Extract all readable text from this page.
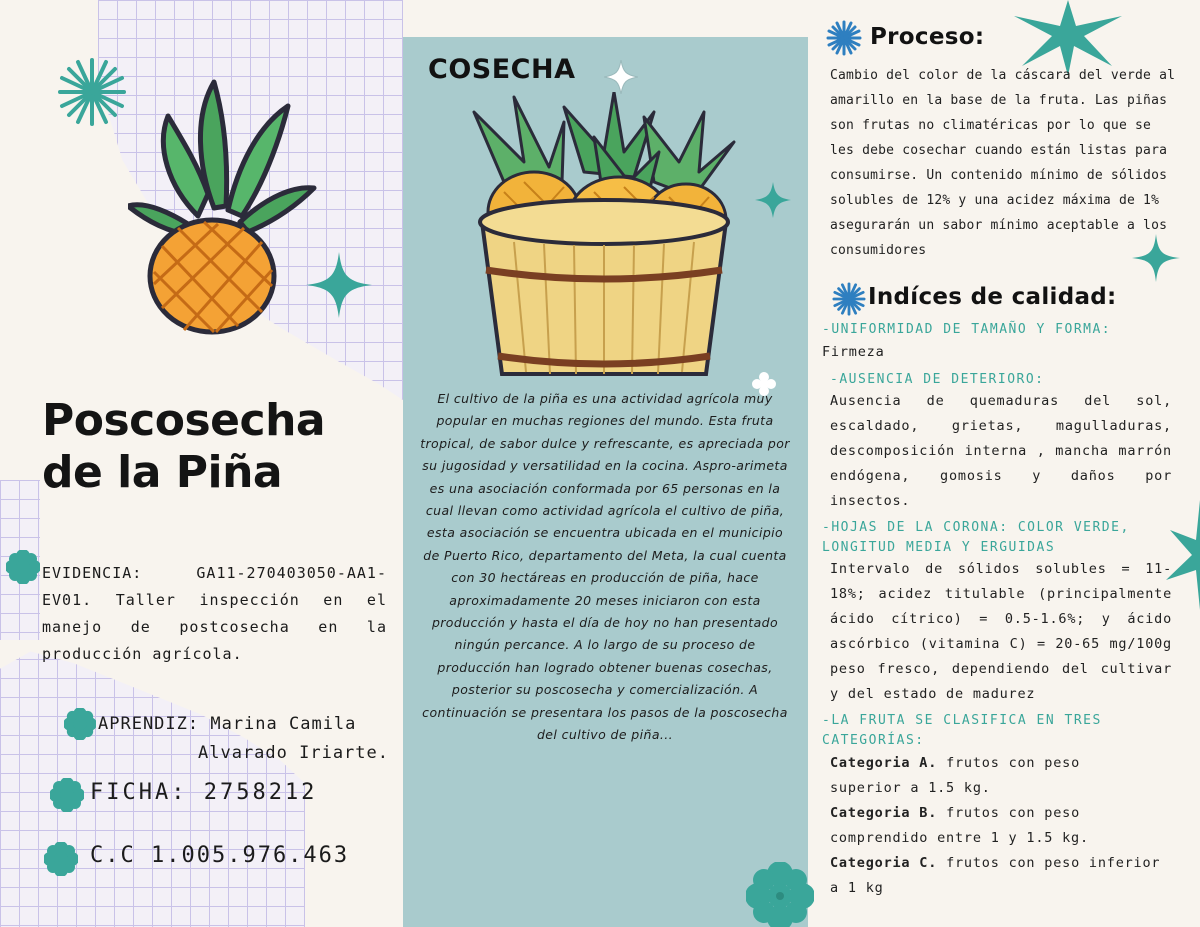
Poscosecha
de la Piña
EVIDENCIA: GA11-270403050-AA1-EV01. Taller inspección en el manejo de postcosecha en la producción agrícola.
APRENDIZ: Marina Camila
Alvarado Iriarte.
FICHA: 2758212
C.C 1.005.976.463
COSECHA
El cultivo de la piña es una actividad agrícola muy popular en muchas regiones del mundo. Esta fruta tropical, de sabor dulce y refrescante, es apreciada por su jugosidad y versatilidad en la cocina. Aspro-arimeta es una asociación conformada por 65 personas en la cual llevan como actividad agrícola el cultivo de piña, esta asociación se encuentra ubicada en el municipio de Puerto Rico, departamento del Meta, la cual cuenta con 30 hectáreas en producción de piña, hace aproximadamente 20 meses iniciaron con esta producción y hasta el día de hoy no han presentado ningún percance. A lo largo de su proceso de producción han logrado obtener buenas cosechas, posterior su poscosecha y comercialización. A continuación se presentara los pasos de la poscosecha del cultivo de piña...
Proceso:
Cambio del color de la cáscara del verde al amarillo en la base de la fruta. Las piñas son frutas no climatéricas por lo que se les debe cosechar cuando están listas para consumirse. Un contenido mínimo de sólidos solubles de 12% y una acidez máxima de 1% asegurarán un sabor mínimo aceptable a los consumidores
Indíces de calidad:
-UNIFORMIDAD DE TAMAÑO Y FORMA:
Firmeza
-AUSENCIA DE DETERIORO:
Ausencia de quemaduras del sol, escaldado, grietas, magulladuras, descomposición interna , mancha marrón endógena, gomosis y daños por insectos.
-HOJAS DE LA CORONA: COLOR VERDE, LONGITUD MEDIA Y ERGUIDAS
Intervalo de sólidos solubles = 11-18%; acidez titulable (principalmente ácido cítrico) = 0.5-1.6%; y ácido ascórbico (vitamina C) = 20-65 mg/100g peso fresco, dependiendo del cultivar y del estado de madurez
-LA FRUTA SE CLASIFICA EN TRES CATEGORÍAS:
Categoria A. frutos con peso superior a 1.5 kg.
Categoria B. frutos con peso comprendido entre 1 y 1.5 kg.
Categoria C. frutos con peso inferior a 1 kg
